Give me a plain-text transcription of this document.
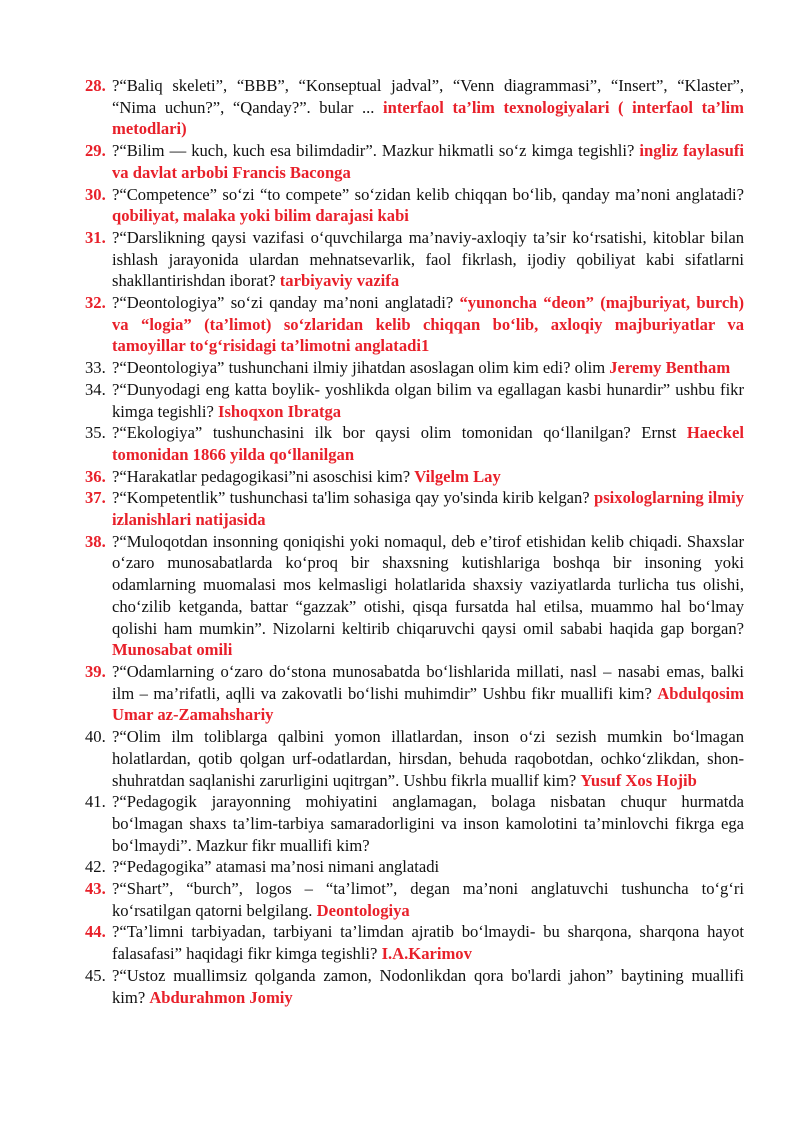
28. ?“Baliq skeleti”, “BBB”, “Konseptual jadval”, “Venn diagrammasi”, “Insert”, “Klaster”, “Nima uchun?”, “Qanday?”. bular ... interfaol ta’lim texnologiyalari ( interfaol ta’lim metodlari)
29. ?“Bilim — kuch, kuch esa bilimdadir”. Mazkur hikmatli so‘z kimga tegishli? ingliz faylasufi va davlat arbobi Francis Baconga
30. ?“Competence” so‘zi “to compete” so‘zidan kelib chiqqan bo‘lib, qanday ma’noni anglatadi? qobiliyat, malaka yoki bilim darajasi kabi
31. ?“Darslikning qaysi vazifasi o‘quvchilarga ma’naviy-axloqiy ta’sir ko‘rsatishi, kitoblar bilan ishlash jarayonida ulardan mehnatsevarlik, faol fikrlash, ijodiy qobiliyat kabi sifatlarni shakllantirishdan iborat? tarbiyaviy vazifa
32. ?“Deontologiya” so‘zi qanday ma’noni anglatadi? “yunoncha “deon” (majburiyat, burch) va “logia” (ta’limot) so‘zlaridan kelib chiqqan bo‘lib, axloqiy majburiyatlar va tamoyillar to‘g‘risidagi ta’limotni anglatadi1
33. ?“Deontologiya” tushunchani ilmiy jihatdan asoslagan olim kim edi? olim Jeremy Bentham
34. ?“Dunyodagi eng katta boylik- yoshlikda olgan bilim va egallagan kasbi hunardir” ushbu fikr kimga tegishli? Ishoqxon Ibratga
35. ?“Ekologiya” tushunchasini ilk bor qaysi olim tomonidan qo‘llanilgan? Ernst Haeckel tomonidan 1866 yilda qo‘llanilgan
36. ?“Harakatlar pedagogikasi”ni asoschisi kim? Vilgelm Lay
37. ?“Kompetentlik” tushunchasi ta'lim sohasiga qay yo'sinda kirib kelgan? psixologlarning ilmiy izlanishlari natijasida
38. ?“Muloqotdan insonning qoniqishi yoki nomaqul, deb e’tirof etishidan kelib chiqadi. Shaxslar o‘zaro munosabatlarda ko‘proq bir shaxsning kutishlariga boshqa bir insoning yoki odamlarning muomalasi mos kelmasligi holatlarida shaxsiy vaziyatlarda turlicha tus olishi, cho‘zilib ketganda, battar “gazzak” otishi, qisqa fursatda hal etilsa, muammo hal bo‘lmay qolishi ham mumkin”. Nizolarni keltirib chiqaruvchi qaysi omil sababi haqida gap borgan? Munosabat omili
39. ?“Odamlarning o‘zaro do‘stona munosabatda bo‘lishlarida millati, nasl – nasabi emas, balki ilm – ma’rifatli, aqlli va zakovatli bo‘lishi muhimdir” Ushbu fikr muallifi kim? Abdulqosim Umar az-Zamahshariy
40. ?“Olim ilm toliblarga qalbini yomon illatlardan, inson o‘zi sezish mumkin bo‘lmagan holatlardan, qotib qolgan urf-odatlardan, hirsdan, behuda raqobotdan, ochko‘zlikdan, shon-shuhratdan saqlanishi zarurligini uqitrgan”. Ushbu fikrla muallif kim? Yusuf Xos Hojib
41. ?“Pedagogik jarayonning mohiyatini anglamagan, bolaga nisbatan chuqur hurmatda bo‘lmagan shaxs ta’lim-tarbiya samaradorligini va inson kamolotini ta’minlovchi fikrga ega bo‘lmaydi”. Mazkur fikr muallifi kim?
42. ?“Pedagogika” atamasi ma’nosi nimani anglatadi
43. ?“Shart”, “burch”, logos – “ta’limot”, degan ma’noni anglatuvchi tushuncha to‘g‘ri ko‘rsatilgan qatorni belgilang. Deontologiya
44. ?“Ta’limni tarbiyadan, tarbiyani ta’limdan ajratib bo‘lmaydi- bu sharqona, sharqona hayot falasafasi” haqidagi fikr kimga tegishli? I.A.Karimov
45. ?“Ustoz muallimsiz qolganda zamon, Nodonlikdan qora bo'lardi jahon” baytining muallifi kim? Abdurahmon Jomiy
